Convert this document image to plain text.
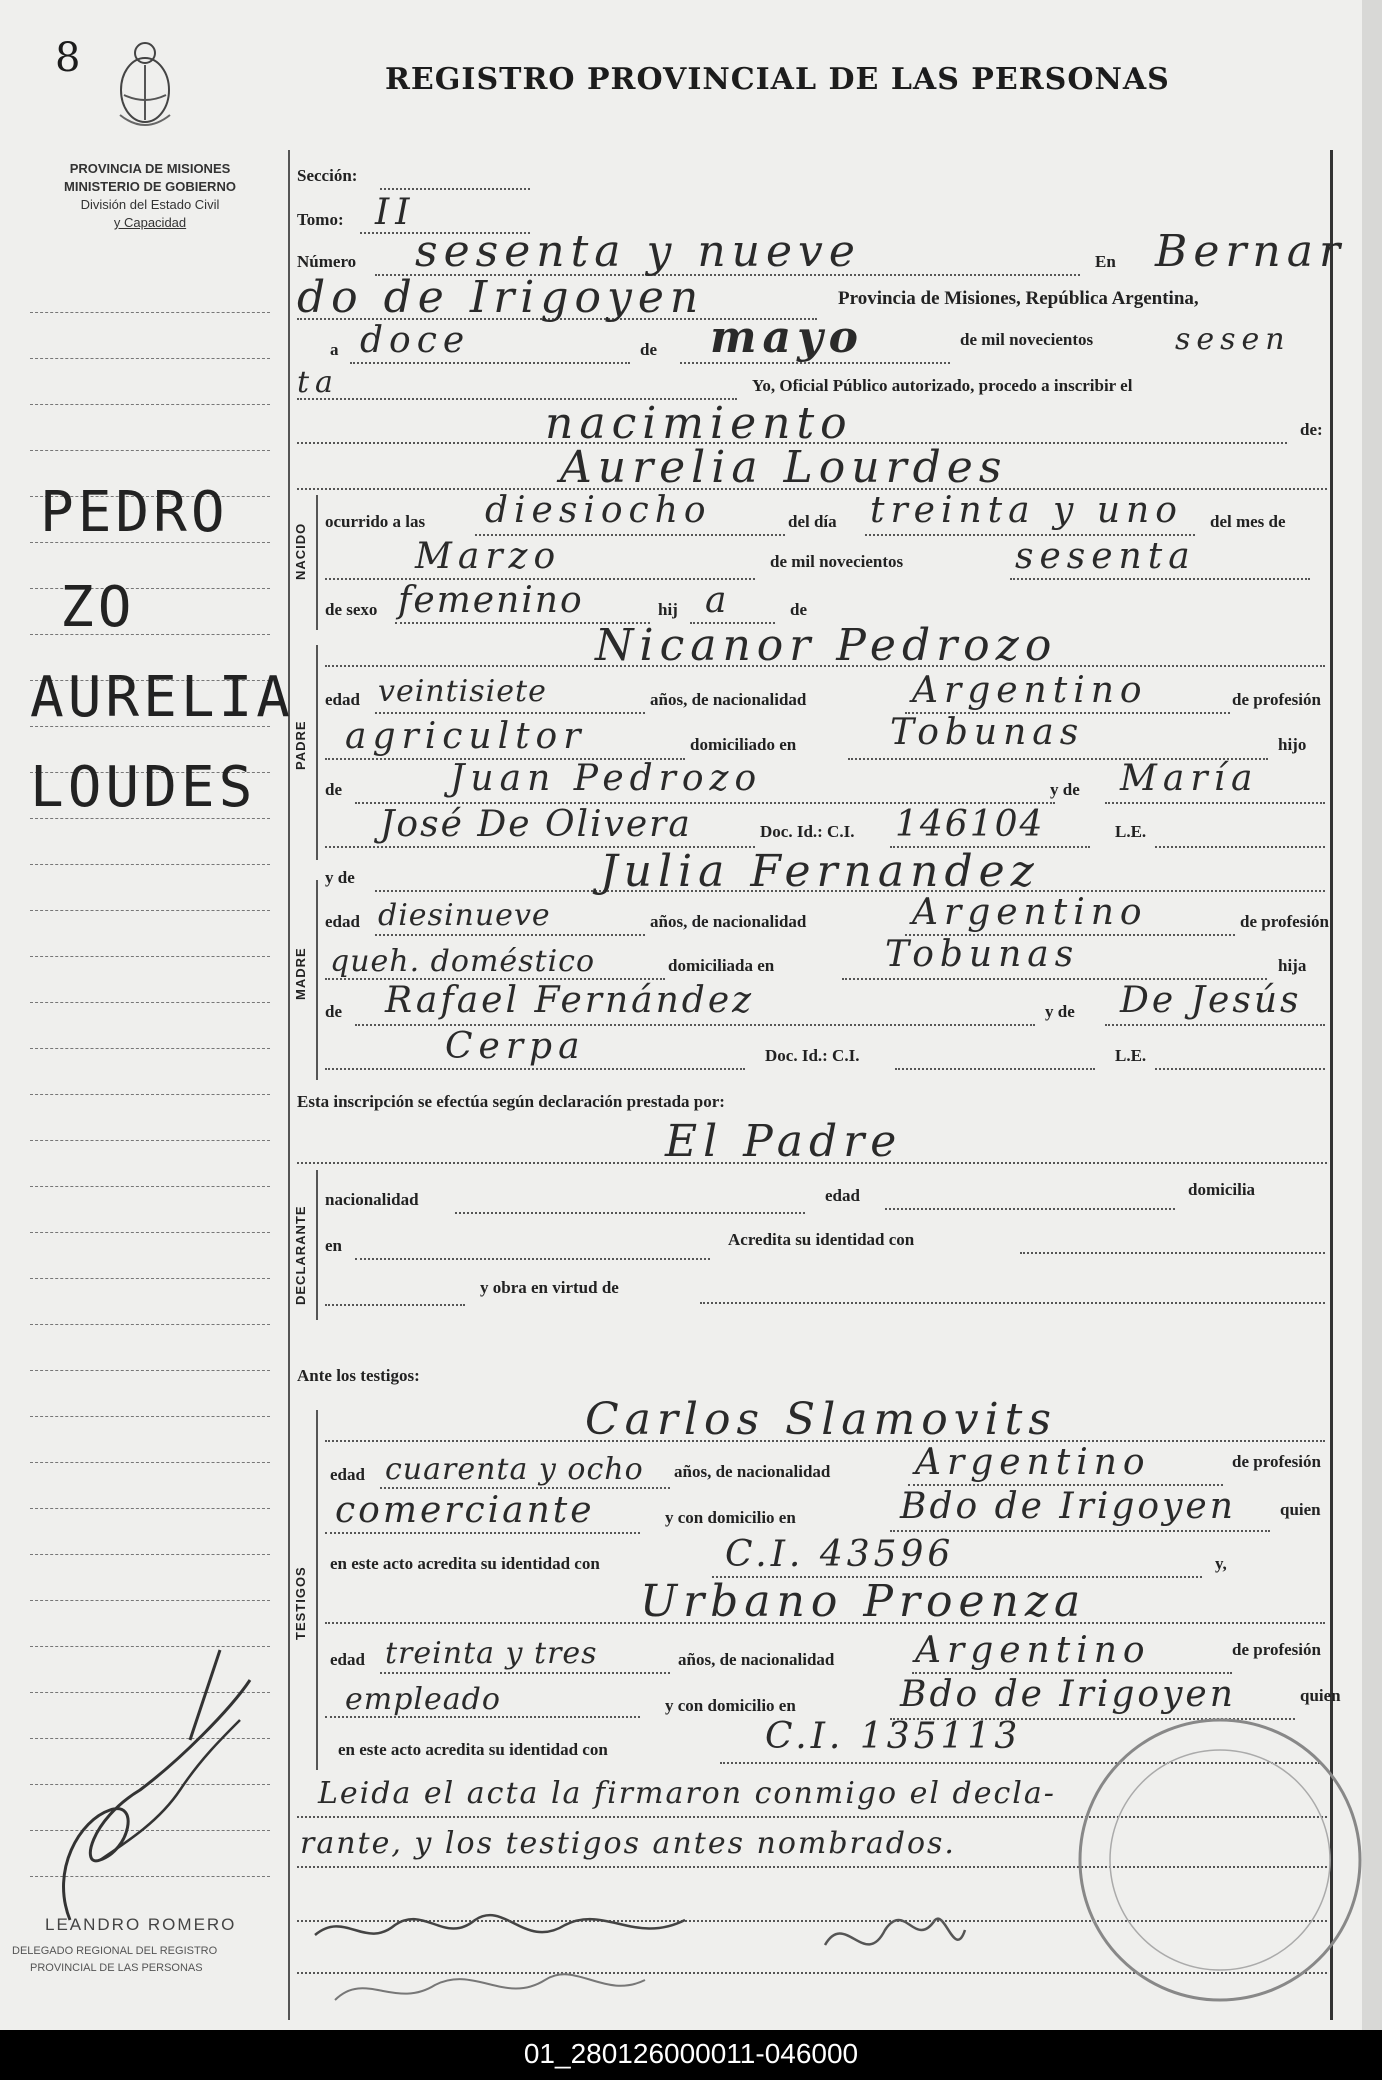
8	REGISTRO PROVINCIAL DE LAS PERSONAS
PROVINCIA DE MISIONES
MINISTERIO DE GOBIERNO
División del Estado Civil
y Capacidad
PEDRO
ZO
AURELIA
LOUDES
LEANDRO ROMERO
DELEGADO REGIONAL DEL REGISTRO
PROVINCIAL DE LAS PERSONAS
01_280126000011-046000
NACIDO
PADRE
MADRE
DECLARANTE
TESTIGOS
Sección:
Tomo: II
Número sesenta y nueve	En Bernar
do de Irigoyen	Provincia de Misiones, República Argentina,
a doce	de mayo	de mil novecientos	sesen
ta	Yo, Oficial Público autorizado, procedo a inscribir el
nacimiento	de:
Aurelia Lourdes
ocurrido a las diesiocho	del día treinta y uno del mes de
Marzo	de mil novecientos	sesenta
de sexo femenino	hij a	de
Nicanor Pedrozo
edad veintisiete	años, de nacionalidad	Argentino	de profesión
agricultor	domiciliado en	Tobunas	hijo
de	Juan Pedrozo	y de María
José De Olivera	Doc. Id.: C.I. 146104	L.E.
y de	Julia Fernandez
edad diesinueve	años, de nacionalidad	Argentino	de profesión
queh. doméstico	domiciliada en	Tobunas	hija
de Rafael Fernández	y de De Jesús
Cerpa	Doc. Id.: C.I.	L.E.
Esta inscripción se efectúa según declaración prestada por:
El Padre
nacionalidad	edad	domicilia
en	Acredita su identidad con
y obra en virtud de
Ante los testigos:
Carlos Slamovits
edad cuarenta y ocho años, de nacionalidad Argentino	de profesión
comerciante	y con domicilio en	Bdo de Irigoyen	quien
en este acto acredita su identidad con	C.I. 43596	y,
Urbano Proenza
edad treinta y tres	años, de nacionalidad Argentino	de profesión
empleado	y con domicilio en	Bdo de Irigoyen	quien
en este acto acredita su identidad con	C.I. 135113
Leida el acta la firmaron conmigo el decla-
rante, y los testigos antes nombrados.
